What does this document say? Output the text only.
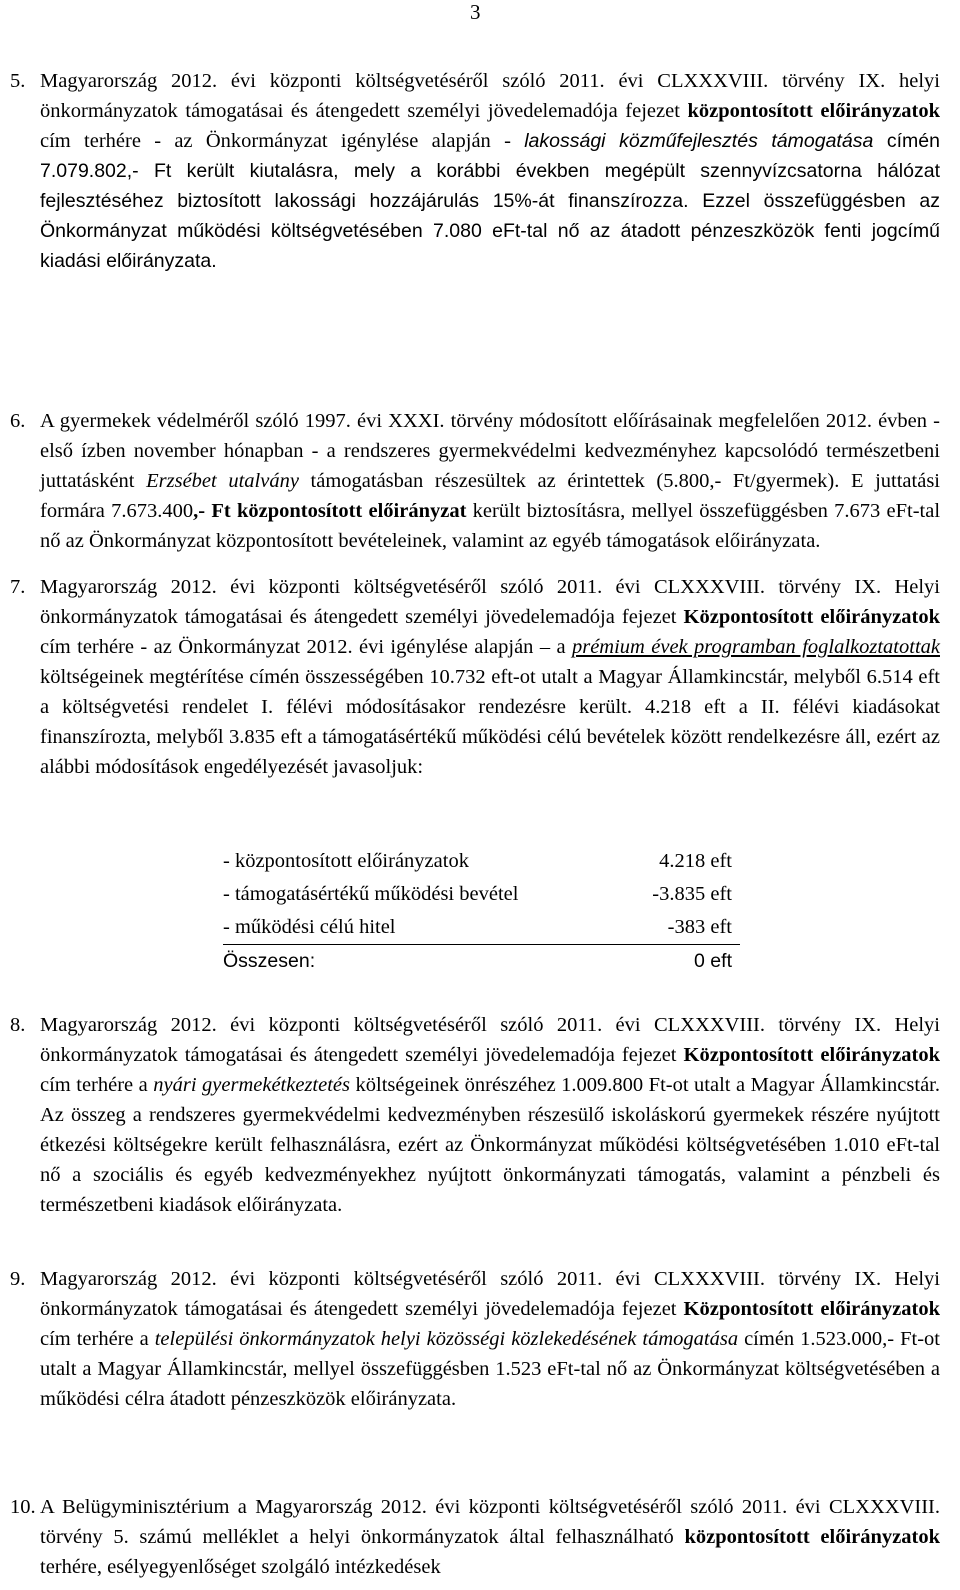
3
5. Magyarország 2012. évi központi költségvetéséről szóló 2011. évi CLXXXVIII. törvény IX. helyi önkormányzatok támogatásai és átengedett személyi jövedelemadója fejezet központosított előirányzatok cím terhére - az Önkormányzat igénylése alapján - lakossági közműfejlesztés támogatása címén 7.079.802,- Ft került kiutalásra, mely a korábbi években megépült szennyvízcsatorna hálózat fejlesztéséhez biztosított lakossági hozzájárulás 15%-át finanszírozza. Ezzel összefüggésben az Önkormányzat működési költségvetésében 7.080 eFt-tal nő az átadott pénzeszközök fenti jogcímű kiadási előirányzata.
6. A gyermekek védelméről szóló 1997. évi XXXI. törvény módosított előírásainak megfelelően 2012. évben - első ízben november hónapban - a rendszeres gyermekvédelmi kedvezményhez kapcsolódó természetbeni juttatásként Erzsébet utalvány támogatásban részesültek az érintettek (5.800,- Ft/gyermek). E juttatási formára 7.673.400,- Ft központosított előirányzat került biztosításra, mellyel összefüggésben 7.673 eFt-tal nő az Önkormányzat központosított bevételeinek, valamint az egyéb támogatások előirányzata.
7. Magyarország 2012. évi központi költségvetéséről szóló 2011. évi CLXXXVIII. törvény IX. Helyi önkormányzatok támogatásai és átengedett személyi jövedelemadója fejezet Központosított előirányzatok cím terhére - az Önkormányzat 2012. évi igénylése alapján – a prémium évek programban foglalkoztatottak költségeinek megtérítése címén összességében 10.732 eft-ot utalt a Magyar Államkincstár, melyből 6.514 eft a költségvetési rendelet I. félévi módosításakor rendezésre került. 4.218 eft a II. félévi kiadásokat finanszírozta, melyből 3.835 eft a támogatásértékű működési célú bevételek között rendelkezésre áll, ezért az alábbi módosítások engedélyezését javasoljuk:
- központosított előirányzatok	4.218 eft
- támogatásértékű működési bevétel	-3.835 eft
- működési célú hitel	-383 eft
Összesen:	0 eft
8. Magyarország 2012. évi központi költségvetéséről szóló 2011. évi CLXXXVIII. törvény IX. Helyi önkormányzatok támogatásai és átengedett személyi jövedelemadója fejezet Központosított előirányzatok cím terhére a nyári gyermekétkeztetés költségeinek önrészéhez 1.009.800 Ft-ot utalt a Magyar Államkincstár. Az összeg a rendszeres gyermekvédelmi kedvezményben részesülő iskoláskorú gyermekek részére nyújtott étkezési költségekre került felhasználásra, ezért az Önkormányzat működési költségvetésében 1.010 eFt-tal nő a szociális és egyéb kedvezményekhez nyújtott önkormányzati támogatás, valamint a pénzbeli és természetbeni kiadások előirányzata.
9. Magyarország 2012. évi központi költségvetéséről szóló 2011. évi CLXXXVIII. törvény IX. Helyi önkormányzatok támogatásai és átengedett személyi jövedelemadója fejezet Központosított előirányzatok cím terhére a települési önkormányzatok helyi közösségi közlekedésének támogatása címén 1.523.000,- Ft-ot utalt a Magyar Államkincstár, mellyel összefüggésben 1.523 eFt-tal nő az Önkormányzat költségvetésében a működési célra átadott pénzeszközök előirányzata.
10. A Belügyminisztérium a Magyarország 2012. évi központi költségvetéséről szóló 2011. évi CLXXXVIII. törvény 5. számú melléklet a helyi önkormányzatok által felhasználható központosított előirányzatok terhére, esélyegyenlőséget szolgáló intézkedések
